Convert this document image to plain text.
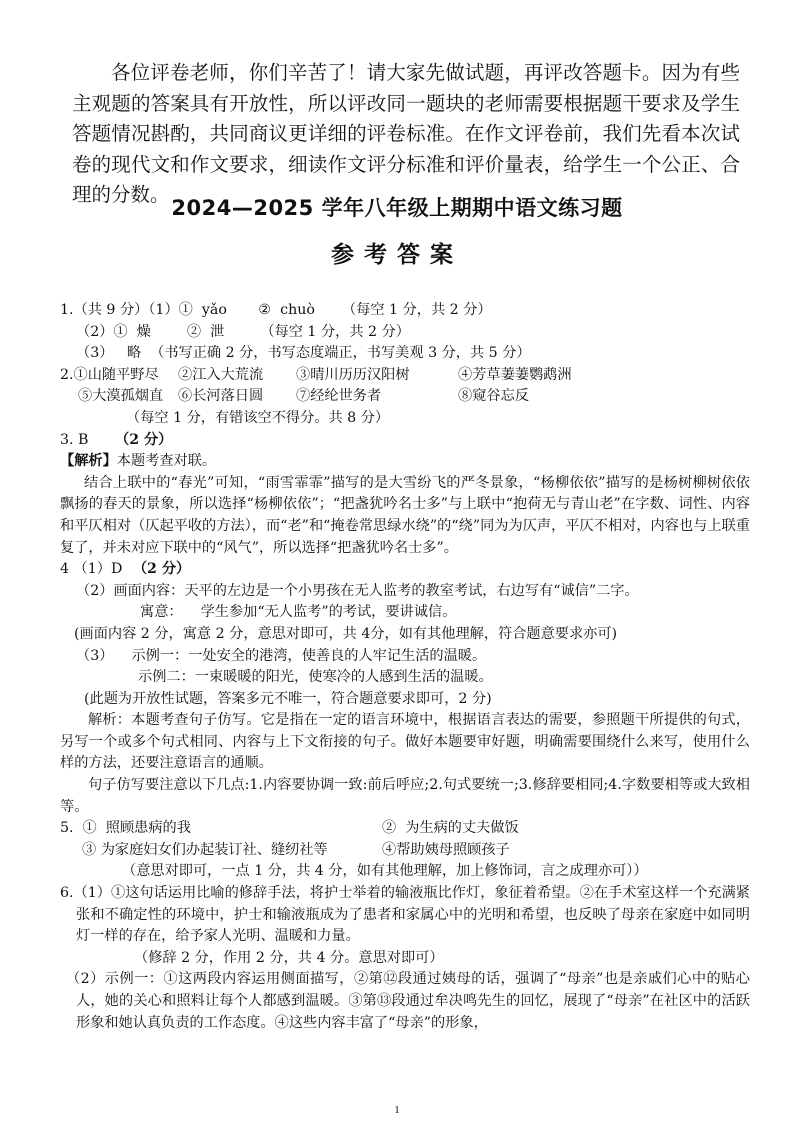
各位评卷老师，你们辛苦了！请大家先做试题，再评改答题卡。因为有些主观题的答案具有开放性，所以评改同一题块的老师需要根据题干要求及学生答题情况斟酌，共同商议更详细的评卷标准。在作文评卷前，我们先看本次试卷的现代文和作文要求，细读作文评分标准和评价量表，给学生一个公正、合理的分数。

2024—2025 学年八年级上期期中语文练习题
参考答案
1.（共 9 分）（1）①  yǎo       ②  chuò      （每空 1 分，共 2 分）
（2）①  燥        ②  泄        （每空 1 分，共 2 分）
（3）   略  （书写正确 2 分，书写态度端正，书写美观 3 分，共 5 分）
2.①山随平野尽	②江入大荒流	③晴川历历汉阳树	④芳草萋萋鹦鹉洲
⑤大漠孤烟直	⑥长河落日圆	⑦经纶世务者	⑧窥谷忘反
（每空 1 分，有错该空不得分。共 8 分）
3. B （2 分）
【解析】本题考查对联。
结合上联中的“春光”可知，“雨雪霏霏”描写的是大雪纷飞的严冬景象，“杨柳依依”描写的是杨树柳树依依飘扬的春天的景象，所以选择“杨柳依依”；“把盏犹吟名士多”与上联中“抱荷无与青山老”在字数、词性、内容和平仄相对（仄起平收的方法），而“老”和“掩卷常思绿水绕”的“绕”同为为仄声，平仄不相对，内容也与上联重复了，并未对应下联中的“风气”，所以选择“把盏犹吟名士多”。
4 （1）D （2 分）
（2）画面内容：天平的左边是一个小男孩在无人监考的教室考试，右边写有“诚信”二字。
寓意：    学生参加“无人监考”的考试，要讲诚信。
(画面内容 2 分，寓意 2 分，意思对即可，共 4分，如有其他理解，符合题意要求亦可)
（3）    示例一：一处安全的港湾，使善良的人牢记生活的温暖。
示例二：一束暖暖的阳光，使寒冷的人感到生活的温暖。
(此题为开放性试题，答案多元不唯一，符合题意要求即可，2 分)
解析：本题考查句子仿写。它是指在一定的语言环境中，根据语言表达的需要，参照题干所提供的句式，另写一个或多个句式相同、内容与上下文衔接的句子。做好本题要审好题，明确需要围绕什么来写，使用什么样的方法，还要注意语言的通顺。
句子仿写要注意以下几点:1.内容要协调一致:前后呼应;2.句式要统一;3.修辞要相同;4.字数要相等或大致相等。
5.  ①  照顾患病的我	②  为生病的丈夫做饭
③ 为家庭妇女们办起装订社、缝纫社等	④帮助姨母照顾孩子
（意思对即可，一点 1 分，共 4 分，如有其他理解，加上修饰词，言之成理亦可））
6.（1）①这句话运用比喻的修辞手法，将护士举着的输液瓶比作灯，象征着希望。②在手术室这样一个充满紧张和不确定性的环境中，护士和输液瓶成为了患者和家属心中的光明和希望，也反映了母亲在家庭中如同明灯一样的存在，给予家人光明、温暖和力量。
（修辞 2 分，作用 2 分，共 4 分。意思对即可）
（2）示例一：①这两段内容运用侧面描写，②第⑫段通过姨母的话，强调了“母亲”也是亲戚们心中的贴心人，她的关心和照料让每个人都感到温暖。③第⑬段通过牟决鸣先生的回忆，展现了“母亲”在社区中的活跃形象和她认真负责的工作态度。④这些内容丰富了“母亲”的形象，
1
